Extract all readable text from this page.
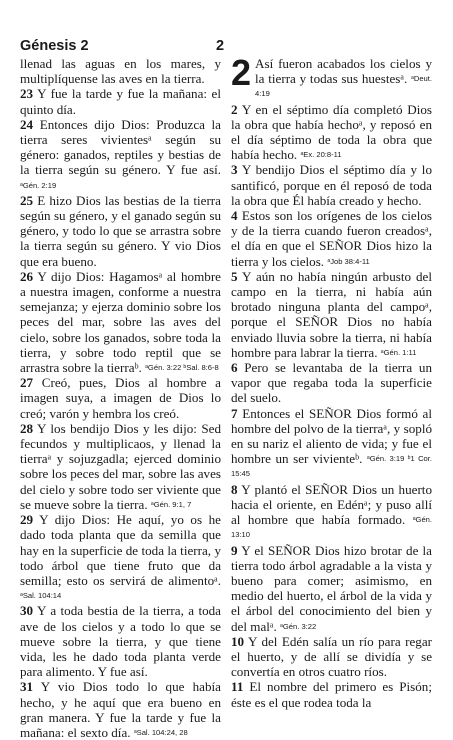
Génesis 2	2

llenad las aguas en los mares, y multiplíquense las aves en la tierra.

23 Y fue la tarde y fue la mañana: el quinto día.

24 Entonces dijo Dios: Produzca la tierra seres vivientesᵃ según su género: ganados, reptiles y bestias de la tierra según su género. Y fue así. $^{ᵃGén. 2:19}$

25 E hizo Dios las bestias de la tierra según su género, y el ganado según su género, y todo lo que se arrastra sobre la tierra según su género. Y vio Dios que era bueno.

26 Y dijo Dios: Hagamosᵃ al hombre a nuestra imagen, conforme a nuestra semejanza; y ejerza dominio sobre los peces del mar, sobre las aves del cielo, sobre los ganados, sobre toda la tierra, y sobre todo reptil que se arrastra sobre la tierraᵇ. $^{ᵃGén. 3:22 ᵇSal. 8:6-8}$

27 Creó, pues, Dios al hombre a imagen suya, a imagen de Dios lo creó; varón y hembra los creó.

28 Y los bendijo Dios y les dijo: Sed fecundos y multiplicaos, y llenad la tierraᵃ y sojuzgadla; ejerced dominio sobre los peces del mar, sobre las aves del cielo y sobre todo ser viviente que se mueve sobre la tierra. $^{ᵃGén. 9:1, 7}$

29 Y dijo Dios: He aquí, yo os he dado toda planta que da semilla que hay en la superficie de toda la tierra, y todo árbol que tiene fruto que da semilla; esto os servirá de alimentoᵃ. $^{ᵃSal. 104:14}$

30 Y a toda bestia de la tierra, a toda ave de los cielos y a todo lo que se mueve sobre la tierra, y que tiene vida, les he dado toda planta verde para alimento. Y fue así.

31 Y vio Dios todo lo que había hecho, y he aquí que era bueno en gran manera. Y fue la tarde y fue la mañana: el sexto día. $^{ᵃSal. 104:24, 28}$

2 Así fueron acabados los cielos y la tierra y todas sus huestesᵃ. $^{ᵃDeut. 4:19}$

2 Y en el séptimo día completó Dios la obra que había hechoᵃ, y reposó en el día séptimo de toda la obra que había hecho. $^{ᵃEx. 20:8-11}$

3 Y bendijo Dios el séptimo día y lo santificó, porque en él reposó de toda la obra que Él había creado y hecho.

4 Estos son los orígenes de los cielos y de la tierra cuando fueron creadosᵃ, el día en que el SEÑOR Dios hizo la tierra y los cielos. $^{ᵃJob 38:4-11}$

5 Y aún no había ningún arbusto del campo en la tierra, ni había aún brotado ninguna planta del campoᵃ, porque el SEÑOR Dios no había enviado lluvia sobre la tierra, ni había hombre para labrar la tierra. $^{ᵃGén. 1:11}$

6 Pero se levantaba de la tierra un vapor que regaba toda la superficie del suelo.

7 Entonces el SEÑOR Dios formó al hombre del polvo de la tierraᵃ, y sopló en su nariz el aliento de vida; y fue el hombre un ser vivienteᵇ. $^{ᵃGén. 3:19 ᵇ1 Cor. 15:45}$

8 Y plantó el SEÑOR Dios un huerto hacia el oriente, en Edénᵃ; y puso allí al hombre que había formado. $^{ᵃGén. 13:10}$

9 Y el SEÑOR Dios hizo brotar de la tierra todo árbol agradable a la vista y bueno para comer; asimismo, en medio del huerto, el árbol de la vida y el árbol del conocimiento del bien y del malᵃ. $^{ᵃGén. 3:22}$

10 Y del Edén salía un río para regar el huerto, y de allí se dividía y se convertía en otros cuatro ríos.

11 El nombre del primero es Pisón; éste es el que rodea toda la
